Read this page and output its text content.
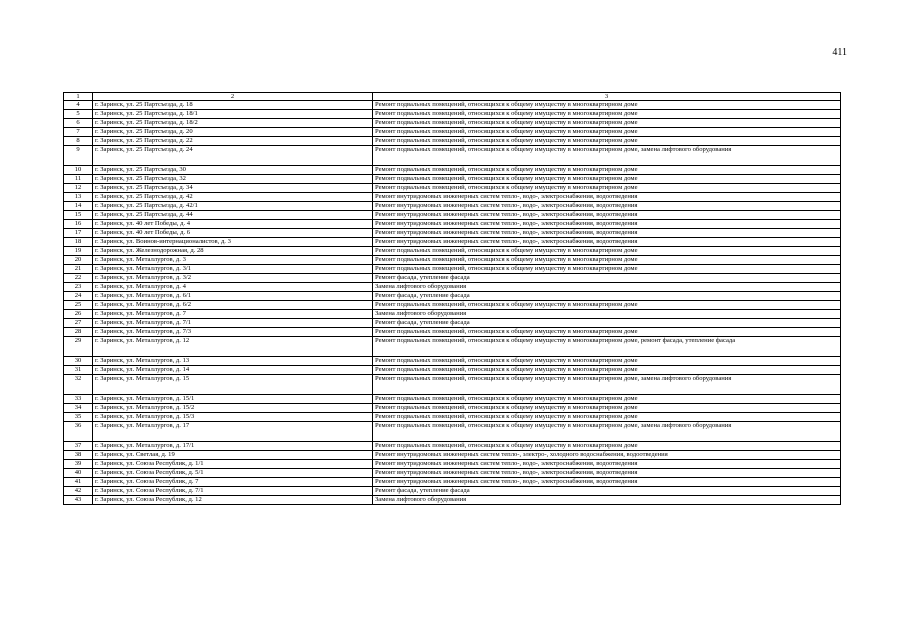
411
1	2	3
4	г. Заринск, ул. 25 Партсъезда, д. 18	Ремонт подвальных помещений, относящихся к общему имуществу в многоквартирном доме
5	г. Заринск, ул. 25 Партсъезда, д. 18/1	Ремонт подвальных помещений, относящихся к общему имуществу в многоквартирном доме
6	г. Заринск, ул. 25 Партсъезда, д. 18/2	Ремонт подвальных помещений, относящихся к общему имуществу в многоквартирном доме
7	г. Заринск, ул. 25 Партсъезда, д. 20	Ремонт подвальных помещений, относящихся к общему имуществу в многоквартирном доме
8	г. Заринск, ул. 25 Партсъезда, д. 22	Ремонт подвальных помещений, относящихся к общему имуществу в многоквартирном доме
9	г. Заринск, ул. 25 Партсъезда, д. 24	Ремонт подвальных помещений, относящихся к общему имуществу в многоквартирном доме, замена лифтового оборудования
10	г. Заринск, ул. 25 Партсъезда, 30	Ремонт подвальных помещений, относящихся к общему имуществу в многоквартирном доме
11	г. Заринск, ул. 25 Партсъезда, 32	Ремонт подвальных помещений, относящихся к общему имуществу в многоквартирном доме
12	г. Заринск, ул. 25 Партсъезда, д. 34	Ремонт подвальных помещений, относящихся к общему имуществу в многоквартирном доме
13	г. Заринск, ул. 25 Партсъезда, д. 42	Ремонт внутридомовых инженерных систем тепло-, водо-, электроснабжения, водоотведения
14	г. Заринск, ул. 25 Партсъезда, д. 42/1	Ремонт внутридомовых инженерных систем тепло-, водо-, электроснабжения, водоотведения
15	г. Заринск, ул. 25 Партсъезда, д. 44	Ремонт внутридомовых инженерных систем тепло-, водо-, электроснабжения, водоотведения
16	г. Заринск, ул. 40 лет Победы, д. 4	Ремонт внутридомовых инженерных систем тепло-, водо-, электроснабжения, водоотведения
17	г. Заринск, ул. 40 лет Победы, д. 6	Ремонт внутридомовых инженерных систем тепло-, водо-, электроснабжения, водоотведения
18	г. Заринск, ул. Воинов-интернационалистов, д. 3	Ремонт внутридомовых инженерных систем тепло-, водо-, электроснабжения, водоотведения
19	г. Заринск, ул. Железнодорожная, д. 28	Ремонт подвальных помещений, относящихся к общему имуществу в многоквартирном доме
20	г. Заринск, ул. Металлургов, д. 3	Ремонт подвальных помещений, относящихся к общему имуществу в многоквартирном доме
21	г. Заринск, ул. Металлургов, д. 3/1	Ремонт подвальных помещений, относящихся к общему имуществу в многоквартирном доме
22	г. Заринск, ул. Металлургов, д. 3/2	Ремонт фасада, утепление фасада
23	г. Заринск, ул. Металлургов, д. 4	Замена лифтового оборудования
24	г. Заринск, ул. Металлургов, д. 6/1	Ремонт фасада, утепление фасада
25	г. Заринск, ул. Металлургов, д. 6/2	Ремонт подвальных помещений, относящихся к общему имуществу в многоквартирном доме
26	г. Заринск, ул. Металлургов, д. 7	Замена лифтового оборудования
27	г. Заринск, ул. Металлургов, д. 7/1	Ремонт фасада, утепление фасада
28	г. Заринск, ул. Металлургов, д. 7/3	Ремонт подвальных помещений, относящихся к общему имуществу в многоквартирном доме
29	г. Заринск, ул. Металлургов, д. 12	Ремонт подвальных помещений, относящихся к общему имуществу в многоквартирном доме, ремонт фасада, утепление фасада
30	г. Заринск, ул. Металлургов, д. 13	Ремонт подвальных помещений, относящихся к общему имуществу в многоквартирном доме
31	г. Заринск, ул. Металлургов, д. 14	Ремонт подвальных помещений, относящихся к общему имуществу в многоквартирном доме
32	г. Заринск, ул. Металлургов, д. 15	Ремонт подвальных помещений, относящихся к общему имуществу в многоквартирном доме, замена лифтового оборудования
33	г. Заринск, ул. Металлургов, д. 15/1	Ремонт подвальных помещений, относящихся к общему имуществу в многоквартирном доме
34	г. Заринск, ул. Металлургов, д. 15/2	Ремонт подвальных помещений, относящихся к общему имуществу в многоквартирном доме
35	г. Заринск, ул. Металлургов, д. 15/3	Ремонт подвальных помещений, относящихся к общему имуществу в многоквартирном доме
36	г. Заринск, ул. Металлургов, д. 17	Ремонт подвальных помещений, относящихся к общему имуществу в многоквартирном доме, замена лифтового оборудования
37	г. Заринск, ул. Металлургов, д. 17/1	Ремонт подвальных помещений, относящихся к общему имуществу в многоквартирном доме
38	г. Заринск, ул. Светлая, д. 19	Ремонт внутридомовых инженерных систем тепло-, электро-, холодного водоснабжения, водоотведения
39	г. Заринск, ул. Союза Республик, д. 1/1	Ремонт внутридомовых инженерных систем тепло-, водо-, электроснабжения, водоотведения
40	г. Заринск, ул. Союза Республик, д. 5/1	Ремонт внутридомовых инженерных систем тепло-, водо-, электроснабжения, водоотведения
41	г. Заринск, ул. Союза Республик, д. 7	Ремонт внутридомовых инженерных систем тепло-, водо-, электроснабжения, водоотведения
42	г. Заринск, ул. Союза Республик, д. 7/1	Ремонт фасада, утепление фасада
43	г. Заринск, ул. Союза Республик, д. 12	Замена лифтового оборудования
